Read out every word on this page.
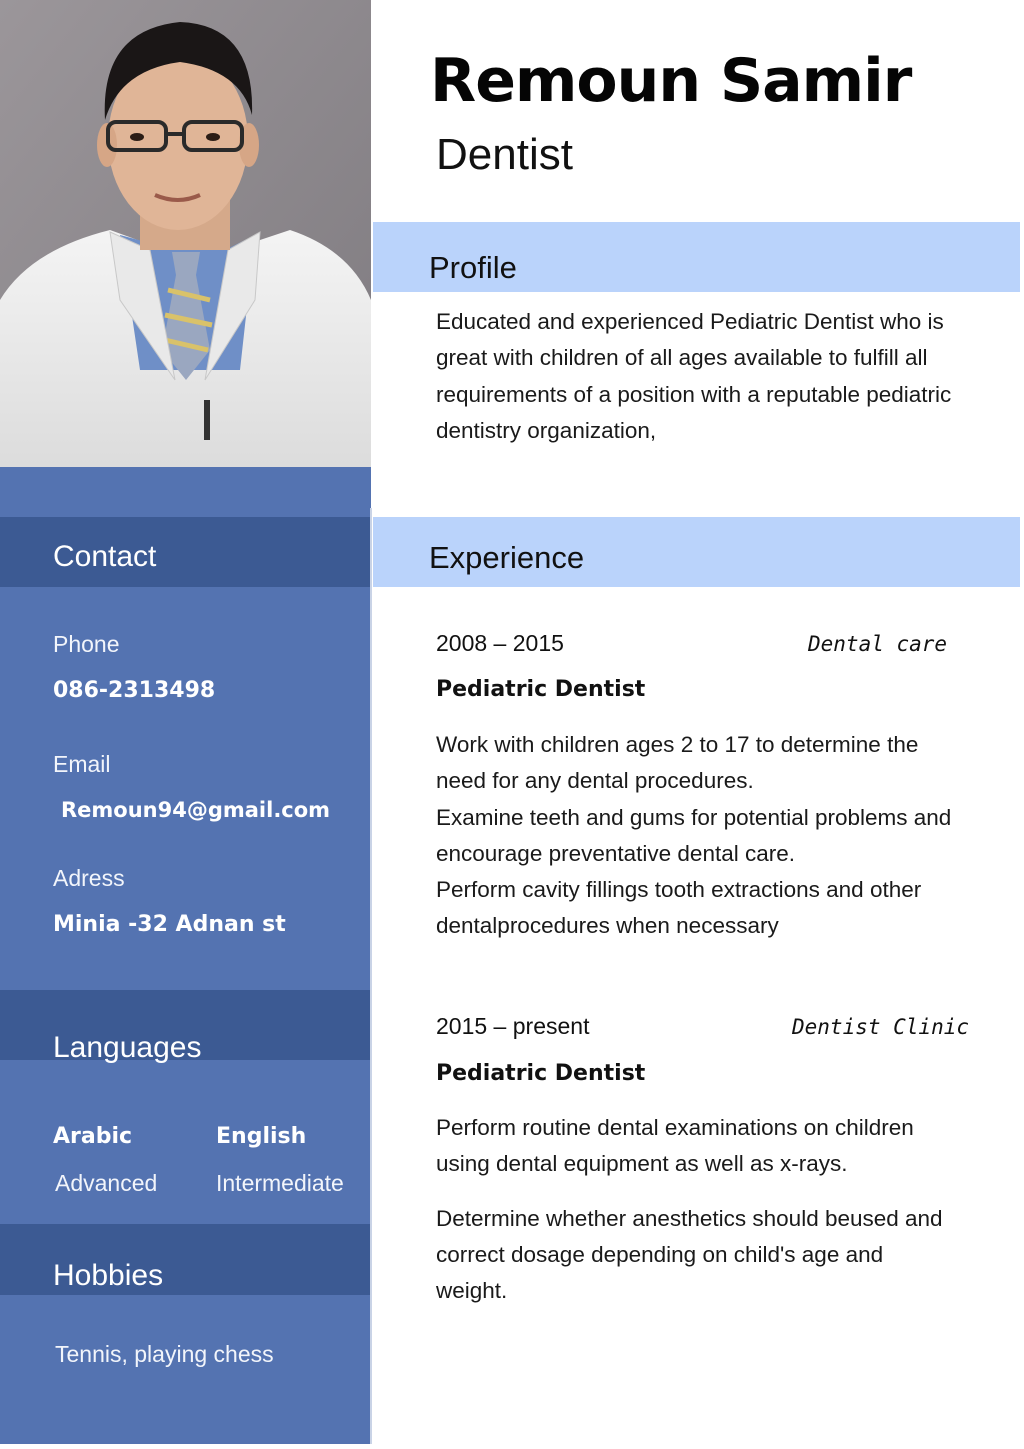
Contact
Phone
086-2313498
Email
Remoun94@gmail.com
Adress
Minia -32 Adnan st
Languages
Arabic
Advanced
English
Intermediate
Hobbies
Tennis, playing chess
Remoun Samir
Dentist
Profile
Educated and experienced Pediatric Dentist who is great with children of all ages available to fulfill all requirements of a position with a reputable pediatric dentistry organization,
Experience
2008 – 2015	Dental care
Pediatric Dentist
Work with children ages 2 to 17 to determine the need for any dental procedures.
Examine teeth and gums for potential problems and encourage preventative dental care.
Perform cavity fillings tooth extractions and other dentalprocedures when necessary
2015 – present	Dentist Clinic
Pediatric Dentist
Perform routine dental examinations on children using dental equipment as well as x-rays.
Determine whether anesthetics should beused and correct dosage depending on child's age and weight.
